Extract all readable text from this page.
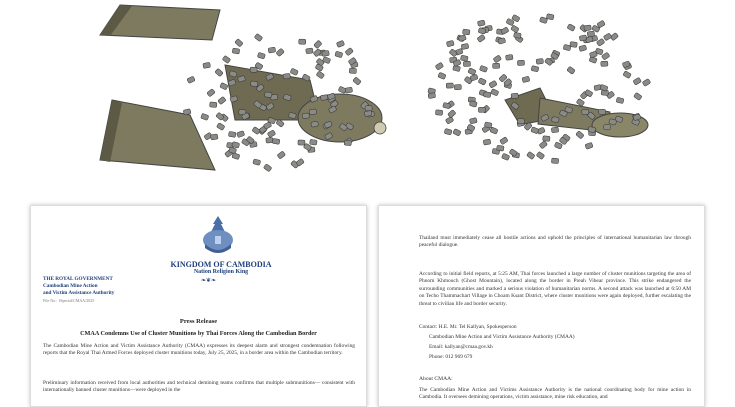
KINGDOM OF CAMBODIA
Nation Religion King
❧❦❧
THE ROYAL GOVERNMENT
Cambodian Mine Action
and Victim Assistance Authority
File No.: 1Special/CMAA/2025
Press Release
CMAA Condemns Use of Cluster Munitions by Thai Forces Along the Cambodian Border
The Cambodian Mine Action and Victim Assistance Authority (CMAA) expresses its deepest alarm and strongest condemnation following reports that the Royal Thai Armed Forces deployed cluster munitions today, July 25, 2025, in a border area within the Cambodian territory.
Preliminary information received from local authorities and technical demining teams confirms that multiple submunitions— consistent with internationally banned cluster munitions—were deployed in the
Thailand must immediately cease all hostile actions and uphold the principles of international humanitarian law through peaceful dialogue.
According to initial field reports, at 5:25 AM, Thai forces launched a large number of cluster munitions targeting the area of Phnom Khmouch (Ghost Mountain), located along the border in Preah Vihear province. This strike endangered the surrounding communities and marked a serious violation of humanitarian norms. A second attack was launched at 6:50 AM on Techo Thammachart Village in Choam Ksant District, where cluster munitions were again deployed, further escalating the threat to civilian life and border security.
Contact: H.E. Mr. Tel Kallyan, Spokesperson
Cambodian Mine Action and Victim Assistance Authority (CMAA)
Email: kallyan@cmaa.gov.kh
Phone: 012 969 679
About CMAA:
The Cambodian Mine Action and Victims Assistance Authority is the national coordinating body for mine action in Cambodia. It oversees demining operations, victim assistance, mine risk education, and
